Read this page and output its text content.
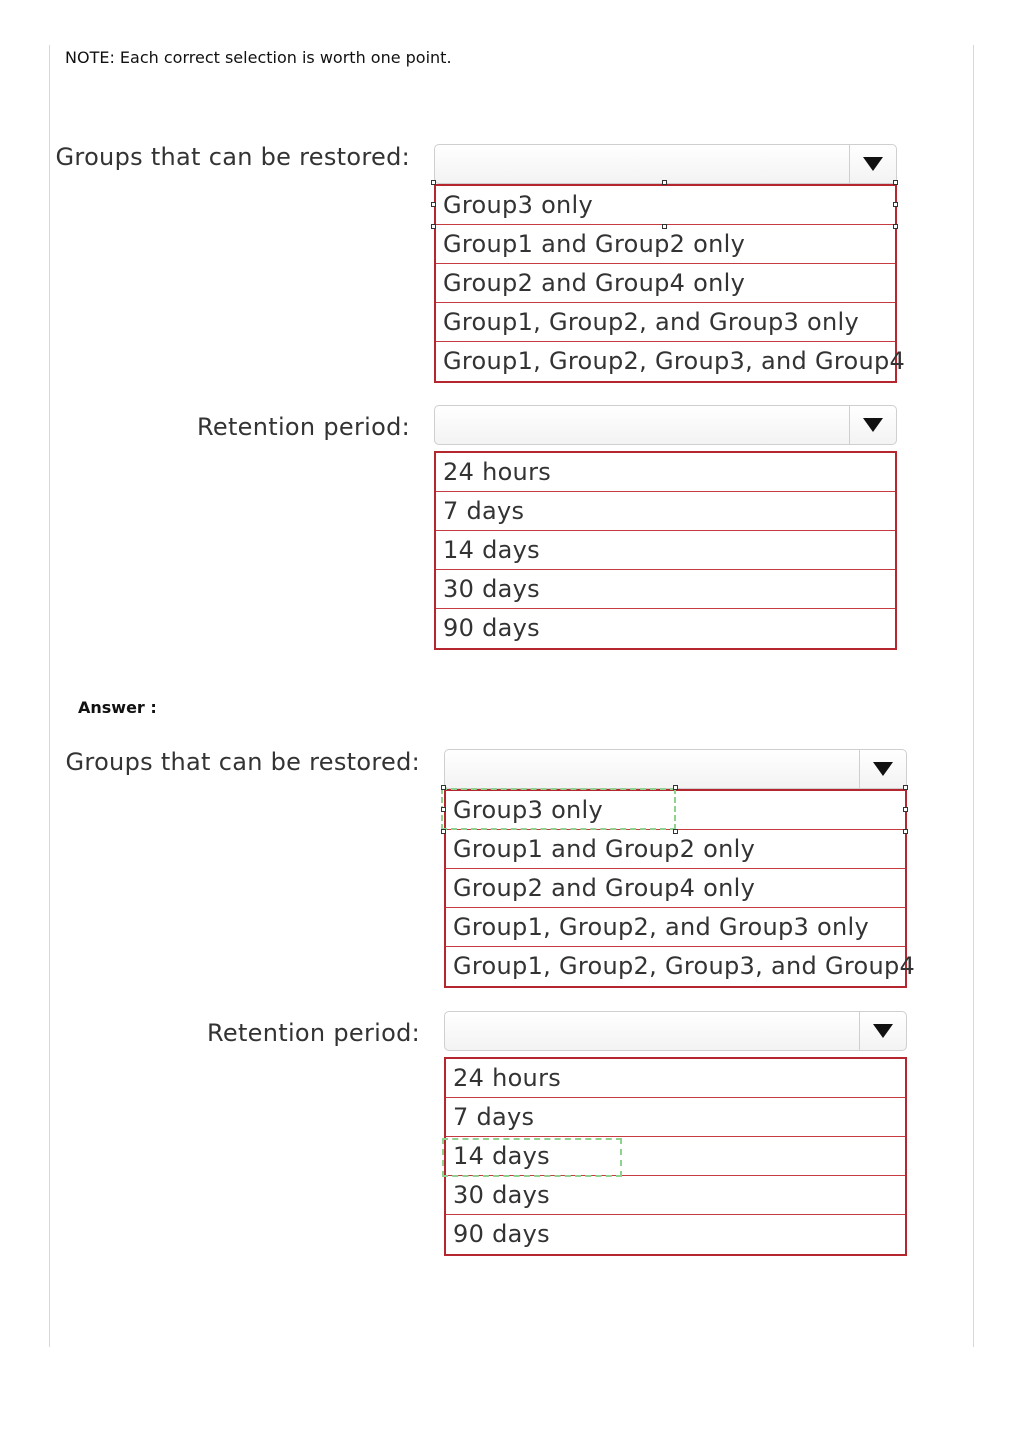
NOTE: Each correct selection is worth one point.
Groups that can be restored:
Group3 only
Group1 and Group2 only
Group2 and Group4 only
Group1, Group2, and Group3 only
Group1, Group2, Group3, and Group4
Retention period:
24 hours
7 days
14 days
30 days
90 days
Answer :
Groups that can be restored:
Group3 only
Group1 and Group2 only
Group2 and Group4 only
Group1, Group2, and Group3 only
Group1, Group2, Group3, and Group4
Retention period:
24 hours
7 days
14 days
30 days
90 days
